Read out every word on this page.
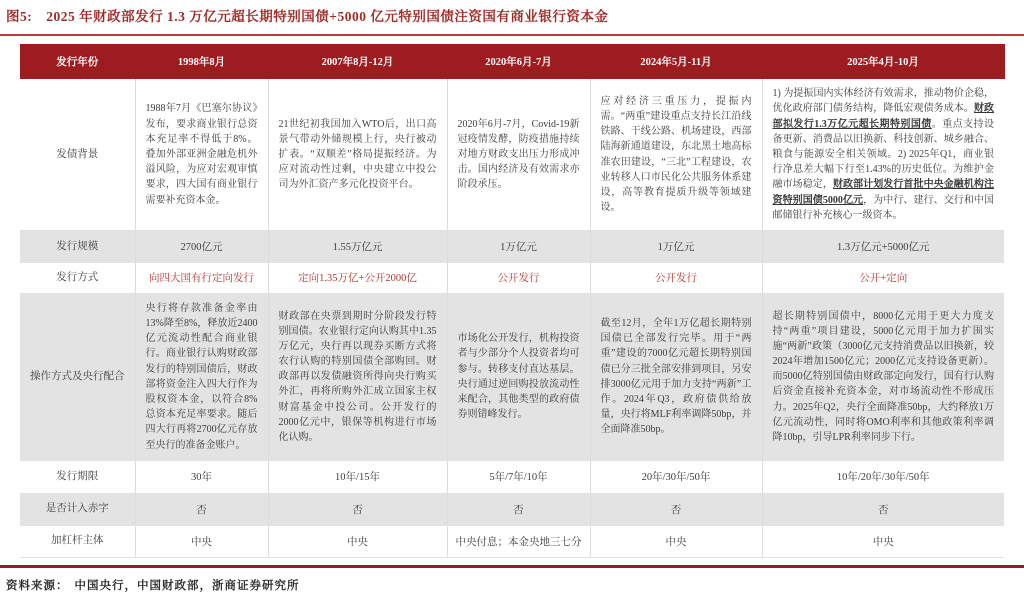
图5: 2025 年财政部发行 1.3 万亿元超长期特别国债+5000 亿元特别国债注资国有商业银行资本金
发行年份	1998年8月	2007年8月-12月	2020年6月-7月	2024年5月-11月	2025年4月-10月
发债背景	1988年7月《巴塞尔协议》发布，要求商业银行总资本充足率不得低于8%。叠加外部亚洲金融危机外溢风险，为应对宏观审慎要求，四大国有商业银行需要补充资本金。	21世纪初我国加入WTO后，出口高景气带动外储规模上行，央行被动扩表。“双顺差”格局提振经济。为应对流动性过剩，中央建立中投公司为外汇资产多元化投资平台。	2020年6月-7月，Covid-19新冠疫情发酵，防疫措施持续对地方财政支出压力形成冲击。国内经济及有效需求亦阶段承压。	应对经济三重压力，提振内需。“两重”建设重点支持长江沿线铁路、干线公路、机场建设，西部陆海新通道建设，东北黑土地高标准农田建设，“三北”工程建设，农业转移人口市民化公共服务体系建设，高等教育提质升级等领域建设。	1) 为提振国内实体经济有效需求，推动物价企稳，优化政府部门债务结构，降低宏观债务成本。财政部拟发行1.3万亿元超长期特别国债。重点支持设备更新、消费品以旧换新、科技创新、城乡融合、粮食与能源安全相关领域。2) 2025年Q1，商业银行净息差大幅下行至1.43%的历史低位。为维护金融市场稳定，财政部计划发行首批中央金融机构注资特别国债5000亿元，为中行、建行、交行和中国邮储银行补充核心一级资本。
发行规模	2700亿元	1.55万亿元	1万亿元	1万亿元	1.3万亿元+5000亿元
发行方式	向四大国有行定向发行	定向1.35万亿+公开2000亿	公开发行	公开发行	公开+定向
操作方式及央行配合	央行将存款准备金率由13%降至8%，释放近2400亿元流动性配合商业银行。商业银行认购财政部发行的特别国债后，财政部将资金注入四大行作为股权资本金，以符合8%总资本充足率要求。随后四大行再将2700亿元存放至央行的准备金账户。	财政部在央票到期时分阶段发行特别国债。农业银行定向认购其中1.35万亿元，央行再以现券买断方式将农行认购的特别国债全部购回。财政部再以发债融资所得向央行购买外汇，再将所购外汇成立国家主权财富基金中投公司。公开发行的2000亿元中，银保等机构进行市场化认购。	市场化公开发行，机构投资者与少部分个人投资者均可参与。转移支付直达基层。央行通过逆回购投放流动性来配合，其他类型的政府债券则错峰发行。	截至12月，全年1万亿超长期特别国债已全部发行完毕。用于“两重”建设的7000亿元超长期特别国债已分三批全部安排到项目，另安排3000亿元用于加力支持“两新”工作。2024年Q3，政府债供给放量，央行将MLF利率调降50bp，并全面降准50bp。	超长期特别国债中，8000亿元用于更大力度支持“两重”项目建设，5000亿元用于加力扩围实施“两新”政策（3000亿元支持消费品以旧换新，较2024年增加1500亿元；2000亿元支持设备更新）。而5000亿特别国债由财政部定向发行，国有行认购后资金直接补充资本金，对市场流动性不形成压力。2025年Q2，央行全面降准50bp，大约释放1万亿元流动性，同时将OMO利率和其他政策利率调降10bp，引导LPR利率同步下行。
发行期限	30年	10年/15年	5年/7年/10年	20年/30年/50年	10年/20年/30年/50年
是否计入赤字	否	否	否	否	否
加杠杆主体	中央	中央	中央付息；本金央地三七分	中央	中央
资料来源： 中国央行，中国财政部，浙商证券研究所
